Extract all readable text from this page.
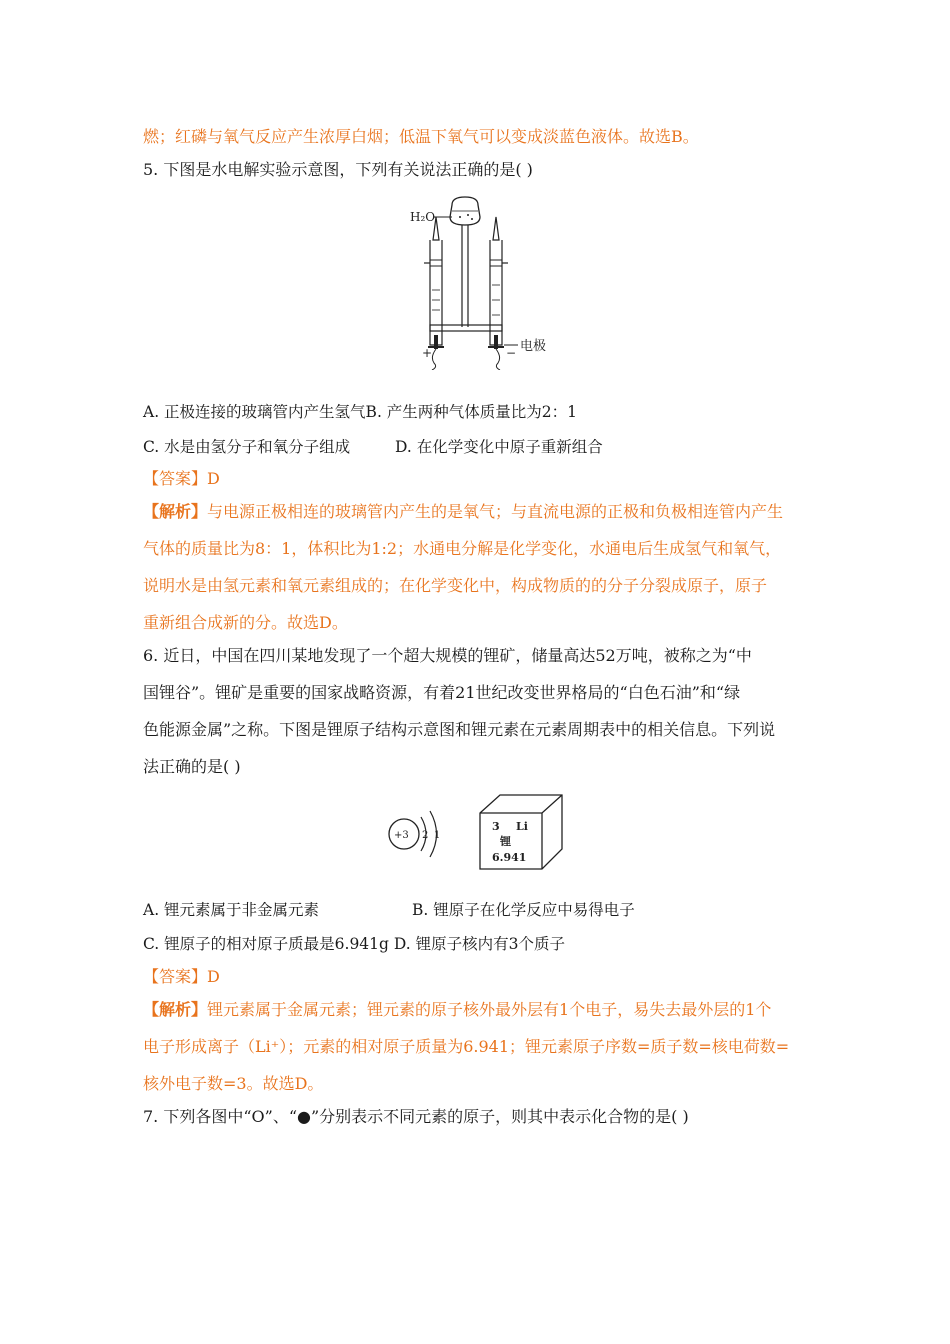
燃；红磷与氧气反应产生浓厚白烟；低温下氧气可以变成淡蓝色液体。故选B。
5. 下图是水电解实验示意图，下列有关说法正确的是( )
H₂O
+	− 电极
A. 正极连接的玻璃管内产生氢气B. 产生两种气体质量比为2：1
C. 水是由氢分子和氧分子组成	D. 在化学变化中原子重新组合
【答案】D
【解析】与电源正极相连的玻璃管内产生的是氧气；与直流电源的正极和负极相连管内产生
气体的质量比为8：1，体积比为1:2；水通电分解是化学变化，水通电后生成氢气和氧气，
说明水是由氢元素和氧元素组成的；在化学变化中，构成物质的的分子分裂成原子，原子
重新组合成新的分。故选D。
6. 近日，中国在四川某地发现了一个超大规模的锂矿，储量高达52万吨，被称之为“中
国锂谷”。锂矿是重要的国家战略资源，有着21世纪改变世界格局的“白色石油”和“绿
色能源金属”之称。下图是锂原子结构示意图和锂元素在元素周期表中的相关信息。下列说
法正确的是( )
+3 2 1
3 Li
锂
6.941
A. 锂元素属于非金属元素	B. 锂原子在化学反应中易得电子
C. 锂原子的相对原子质最是6.941g D. 锂原子核内有3个质子
【答案】D
【解析】锂元素属于金属元素；锂元素的原子核外最外层有1个电子，易失去最外层的1个
电子形成离子（Li⁺）；元素的相对原子质量为6.941；锂元素原子序数=质子数=核电荷数=
核外电子数=3。故选D。
7. 下列各图中“O”、“●”分别表示不同元素的原子，则其中表示化合物的是( )
